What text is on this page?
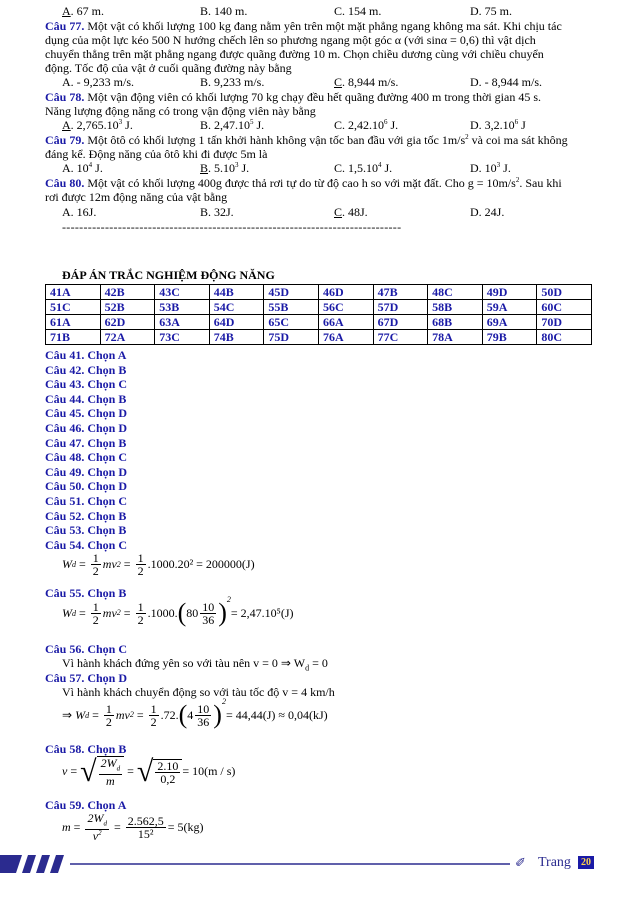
A. 67 m.	B. 140 m.	C. 154 m.	D. 75 m.
Câu 77. Một vật có khối lượng 100 kg đang nằm yên trên một mặt phẳng ngang không ma sát. Khi chịu tác
dụng của một lực kéo 500 N hướng chếch lên so phương ngang một góc α (với sinα = 0,6) thì vật dịch
chuyển thẳng trên mặt phẳng ngang được quãng đường 10 m. Chọn chiều dương cùng với chiều chuyển
động. Tốc độ của vật ở cuối quãng đường này bằng
A. - 9,233 m/s.	B. 9,233 m/s.	C. 8,944 m/s.	D. - 8,944 m/s.
Câu 78. Một vận động viên có khối lượng 70 kg chạy đều hết quãng đường 400 m trong thời gian 45 s.
Năng lượng động năng có trong vận động viên này bằng
A. 2,765.10$^3$ J.	B. 2,47.10$^5$ J.	C. 2,42.10$^6$ J.	D. 3,2.10$^6$ J
Câu 79. Một ôtô có khối lượng 1 tấn khởi hành không vận tốc ban đầu với gia tốc $1m/s^2$ và coi ma sát không
đáng kể. Động năng của ôtô khi đi được 5m là
A. $10^4$ J.	B. 5.10$^3$ J.	C. 1,5.10$^4$ J.	D. $10^3$ J.
Câu 80. Một vật có khối lượng 400g được thả rơi tự do từ độ cao h so với mặt đất. Cho $g = 10m/s^2$. Sau khi
rơi được 12m động năng của vật bằng
A. 16J.	B. 32J.	C. 48J.	D. 24J.
-------------------------------------------------------------------------------
ĐÁP ÁN TRẮC NGHIỆM ĐỘNG NĂNG
41A	42B	43C	44B	45D	46D	47B	48C	49D	50D
51C	52B	53B	54C	55B	56C	57D	58B	59A	60C
61A	62D	63A	64D	65C	66A	67D	68B	69A	70D
71B	72A	73C	74B	75D	76A	77C	78A	79B	80C
Câu 41. Chọn A
Câu 42. Chọn B
Câu 43. Chọn C
Câu 44. Chọn B
Câu 45. Chọn D
Câu 46. Chọn D
Câu 47. Chọn B
Câu 48. Chọn C
Câu 49. Chọn D
Câu 50. Chọn D
Câu 51. Chọn C
Câu 52. Chọn B
Câu 53. Chọn B
Câu 54. Chọn C
W $d = \frac{1}{2}$ mv $2 = \frac{1}{2} .1000.20^2 = 200000(J)$
Câu 55. Chọn B
W $d = \frac{1}{2}$ mv $2 = \frac{1}{2} .1000$. ( $80 \frac{10}{36}$ ) 2
= 2,47.10⁵(J)
Câu 56. Chọn C
Vì hành khách đứng yên so với tàu nên v = 0 ⇒ $W_d = 0$
Câu 57. Chọn D
Vì hành khách chuyển động so với tàu tốc độ v = 4 km/h
⇒ W $d = \frac{1}{2}$ mv $2 = \frac{1}{2} .72$. ( $4 \frac{10}{36}$ ) 2
= 44,44(J) ≈ 0,04(kJ)
Câu 58. Chọn B
v = √ $\frac{2W_d}{m}$ = √ $\frac{2.10}{0,2} = 10(m / s)$
Câu 59. Chọn A
$m = \frac{2W_d}{v^2} = \frac{2.562,5}{\text{15²}} = 5(kg)$
✐ Trang	20
